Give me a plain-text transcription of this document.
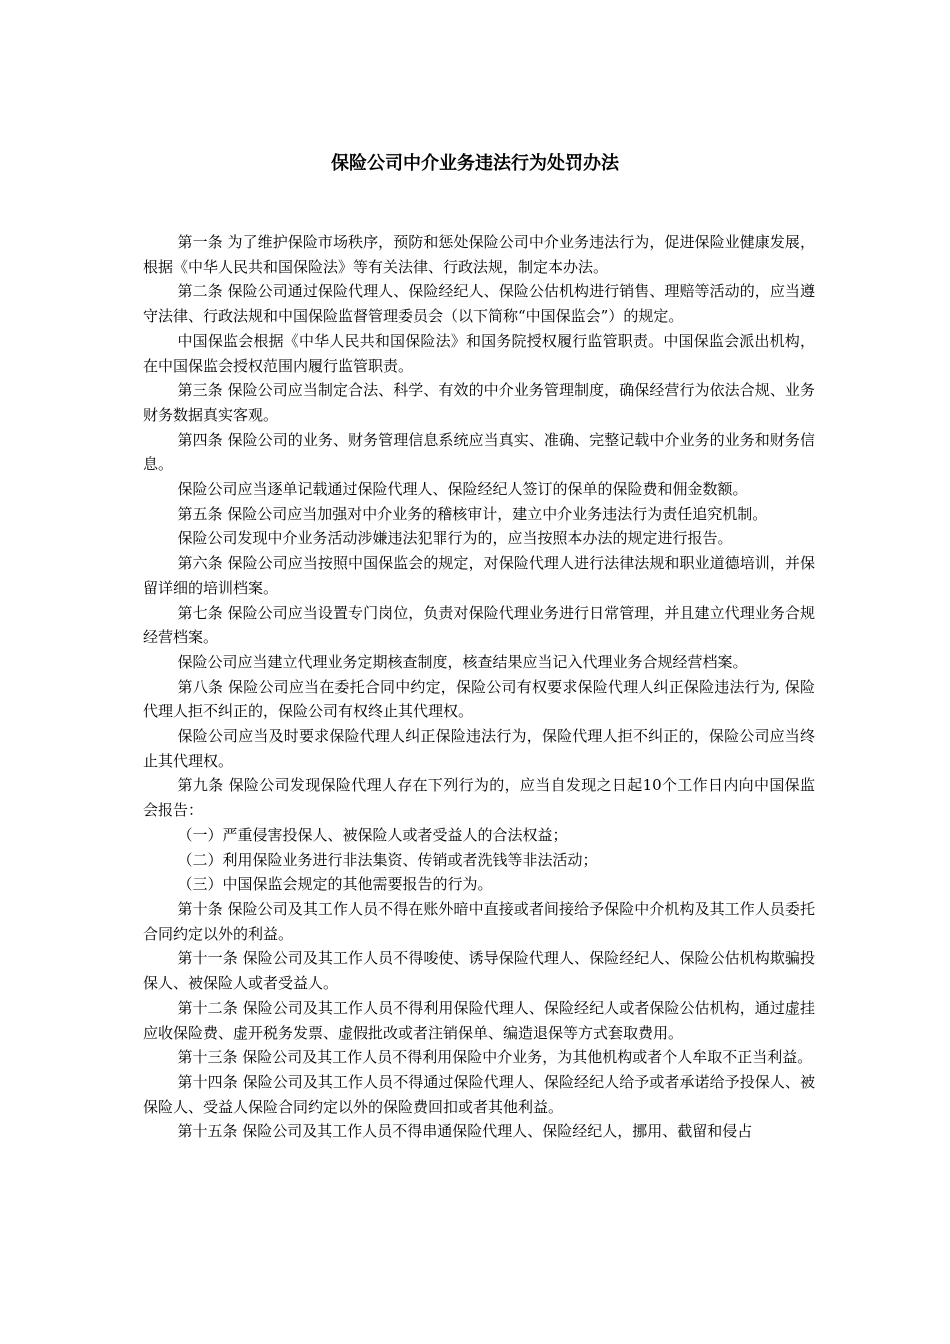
保险公司中介业务违法行为处罚办法

第一条 为了维护保险市场秩序，预防和惩处保险公司中介业务违法行为，促进保险业健康发展，根据《中华人民共和国保险法》等有关法律、行政法规，制定本办法。

第二条 保险公司通过保险代理人、保险经纪人、保险公估机构进行销售、理赔等活动的，应当遵守法律、行政法规和中国保险监督管理委员会（以下简称“中国保监会”）的规定。

中国保监会根据《中华人民共和国保险法》和国务院授权履行监管职责。中国保监会派出机构，在中国保监会授权范围内履行监管职责。

第三条 保险公司应当制定合法、科学、有效的中介业务管理制度，确保经营行为依法合规、业务财务数据真实客观。

第四条 保险公司的业务、财务管理信息系统应当真实、准确、完整记载中介业务的业务和财务信息。

保险公司应当逐单记载通过保险代理人、保险经纪人签订的保单的保险费和佣金数额。

第五条 保险公司应当加强对中介业务的稽核审计，建立中介业务违法行为责任追究机制。

保险公司发现中介业务活动涉嫌违法犯罪行为的，应当按照本办法的规定进行报告。

第六条 保险公司应当按照中国保监会的规定，对保险代理人进行法律法规和职业道德培训，并保留详细的培训档案。

第七条 保险公司应当设置专门岗位，负责对保险代理业务进行日常管理，并且建立代理业务合规经营档案。

保险公司应当建立代理业务定期核查制度，核查结果应当记入代理业务合规经营档案。

第八条 保险公司应当在委托合同中约定，保险公司有权要求保险代理人纠正保险违法行为, 保险代理人拒不纠正的，保险公司有权终止其代理权。

保险公司应当及时要求保险代理人纠正保险违法行为，保险代理人拒不纠正的，保险公司应当终止其代理权。

第九条 保险公司发现保险代理人存在下列行为的，应当自发现之日起10个工作日内向中国保监会报告：

（一）严重侵害投保人、被保险人或者受益人的合法权益；

（二）利用保险业务进行非法集资、传销或者洗钱等非法活动；

（三）中国保监会规定的其他需要报告的行为。

第十条 保险公司及其工作人员不得在账外暗中直接或者间接给予保险中介机构及其工作人员委托合同约定以外的利益。

第十一条 保险公司及其工作人员不得唆使、诱导保险代理人、保险经纪人、保险公估机构欺骗投保人、被保险人或者受益人。

第十二条 保险公司及其工作人员不得利用保险代理人、保险经纪人或者保险公估机构，通过虚挂应收保险费、虚开税务发票、虚假批改或者注销保单、编造退保等方式套取费用。

第十三条 保险公司及其工作人员不得利用保险中介业务，为其他机构或者个人牟取不正当利益。

第十四条 保险公司及其工作人员不得通过保险代理人、保险经纪人给予或者承诺给予投保人、被保险人、受益人保险合同约定以外的保险费回扣或者其他利益。

第十五条 保险公司及其工作人员不得串通保险代理人、保险经纪人，挪用、截留和侵占
